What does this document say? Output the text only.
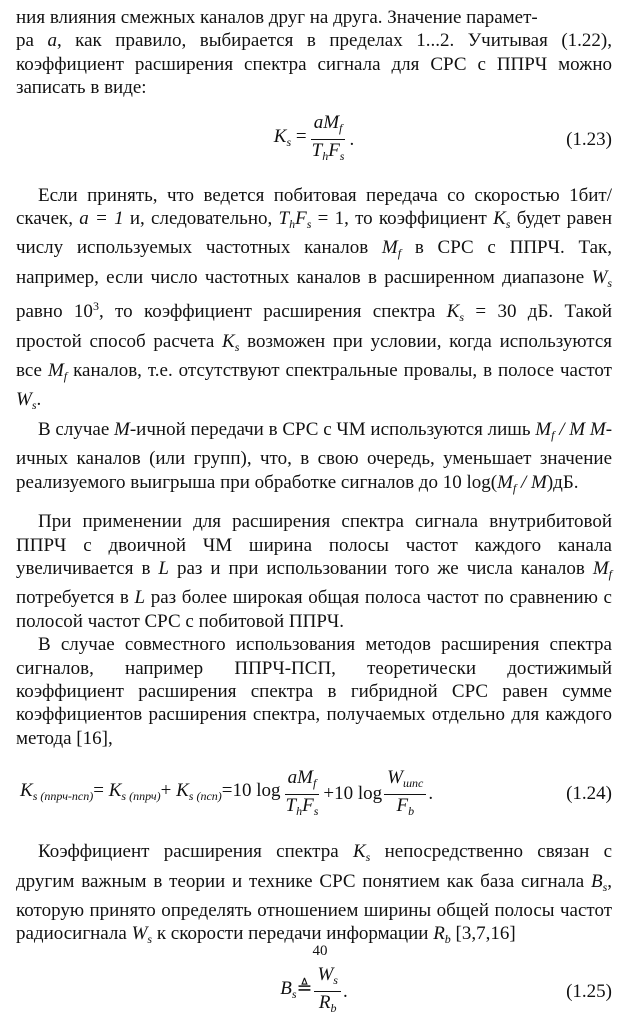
ния влияния смежных каналов друг на друга. Значение парамет-
ра a, как правило, выбирается в пределах 1...2. Учитывая (1.22), коэффициент расширения спектра сигнала для СРС с ППРЧ можно записать в виде:

$K_s = \frac{aM_f}{T_hF_s}$ .	(1.23)

Если принять, что ведется побитовая передача со скоростью 1бит/скачек, a = 1 и, следовательно, $T_hF_s = 1$, то коэффициент $K_s$ будет равен числу используемых частотных каналов $M_f$ в СРС с ППРЧ. Так, например, если число частотных каналов в расширенном диапазоне $W_s$ равно $10^3$, то коэффициент расширения спектра $K_s = 30$ дБ. Такой простой способ расчета $K_s$ возможен при условии, когда используются все $M_f$ каналов, т.е. отсутствуют спектральные провалы, в полосе частот $W_s$.

В случае M-ичной передачи в СРС с ЧМ используются лишь $M_f$ / M M-ичных каналов (или групп), что, в свою очередь, уменьшает значение реализуемого выигрыша при обработке сигналов до 10 $\log(M_f / M)дБ$.

При применении для расширения спектра сигнала внутрибитовой ППРЧ с двоичной ЧМ ширина полосы частот каждого канала увеличивается в L раз и при использовании того же числа каналов $M_f$ потребуется в L раз более широкая общая полоса частот по сравнению с полосой частот СРС с побитовой ППРЧ.

В случае совместного использования методов расширения спектра сигналов, например ППРЧ-ПСП, теоретически достижимый коэффициент расширения спектра в гибридной СРС равен сумме коэффициентов расширения спектра, получаемых отдельно для каждого метода [16],

$K_{s (ппрч-псп)}= K_{s (ппрч)}+ K_{s (псп)}=10$ $\log \frac{aM_f}{T_hF_s} +10$ $\log \frac{W_{шпс}}{F_b}$ .	(1.24)

Коэффициент расширения спектра $K_s$ непосредственно связан с другим важным в теории и технике СРС понятием как база сигнала $B_s$, которую принято определять отношением ширины общей полосы частот радиосигнала $W_s$ к скорости передачи информации $R_b$ [3,7,16]

$B_s≜ \frac{W_s}{R_b}$ .	(1.25)
40
